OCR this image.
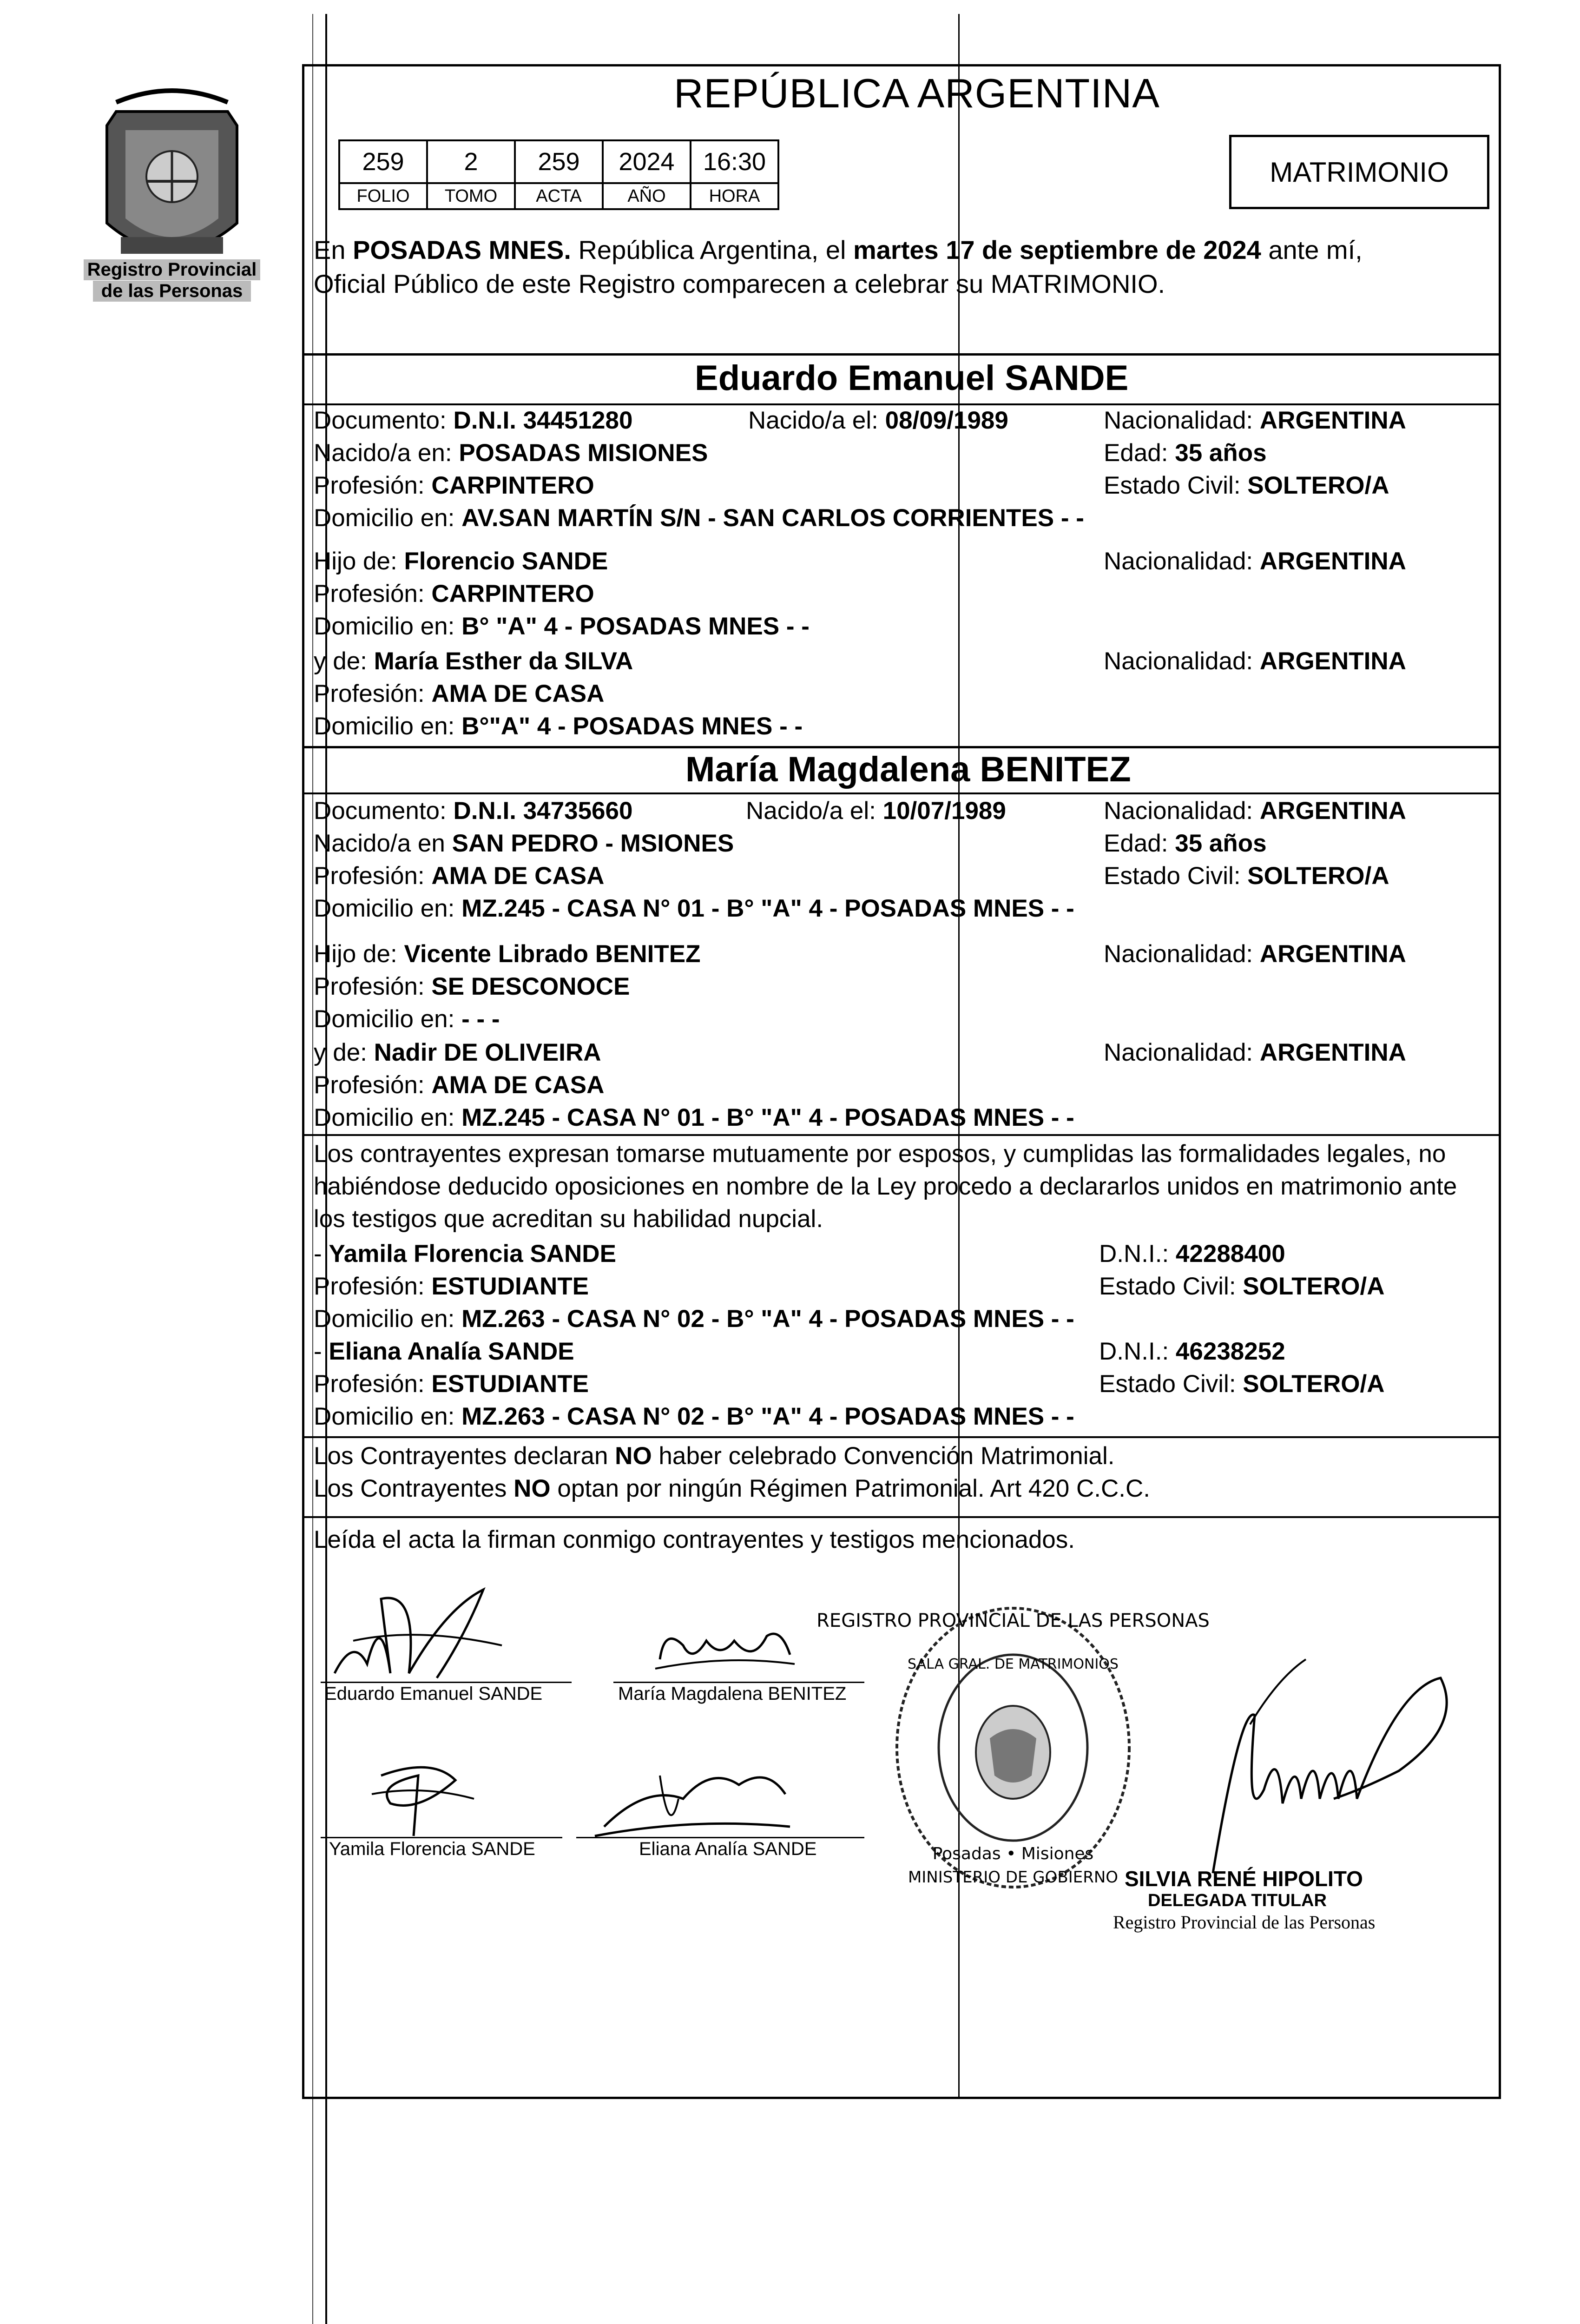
Registro Provincial
de las Personas
REPÚBLICA ARGENTINA
259	2	259	2024	16:30
FOLIO	TOMO	ACTA	AÑO	HORA
MATRIMONIO
En POSADAS MNES. República Argentina, el martes 17 de septiembre de 2024 ante mí,
Oficial Público de este Registro comparecen a celebrar su MATRIMONIO.
Eduardo Emanuel SANDE
Documento: D.N.I. 34451280	Nacido/a el: 08/09/1989	Nacionalidad: ARGENTINA
Nacido/a en: POSADAS MISIONES	Edad: 35 años
Profesión: CARPINTERO	Estado Civil: SOLTERO/A
Domicilio en: AV.SAN MARTÍN S/N - SAN CARLOS CORRIENTES - -
Hijo de: Florencio SANDE	Nacionalidad: ARGENTINA
Profesión: CARPINTERO
Domicilio en: B° "A" 4 - POSADAS MNES - -
y de: María Esther da SILVA	Nacionalidad: ARGENTINA
Profesión: AMA DE CASA
Domicilio en: B°"A" 4 - POSADAS MNES - -
María Magdalena BENITEZ
Documento: D.N.I. 34735660	Nacido/a el: 10/07/1989	Nacionalidad: ARGENTINA
Nacido/a en SAN PEDRO - MSIONES	Edad: 35 años
Profesión: AMA DE CASA	Estado Civil: SOLTERO/A
Domicilio en: MZ.245 - CASA N° 01 - B° "A" 4 - POSADAS MNES - -
Hijo de: Vicente Librado BENITEZ	Nacionalidad: ARGENTINA
Profesión: SE DESCONOCE
Domicilio en: - - -
y de: Nadir DE OLIVEIRA	Nacionalidad: ARGENTINA
Profesión: AMA DE CASA
Domicilio en: MZ.245 - CASA N° 01 - B° "A" 4 - POSADAS MNES - -
Los contrayentes expresan tomarse mutuamente por esposos, y cumplidas las formalidades legales, no
habiéndose deducido oposiciones en nombre de la Ley procedo a declararlos unidos en matrimonio ante
los testigos que acreditan su habilidad nupcial.
- Yamila Florencia SANDE	D.N.I.: 42288400
Profesión: ESTUDIANTE	Estado Civil: SOLTERO/A
Domicilio en: MZ.263 - CASA N° 02 - B° "A" 4 - POSADAS MNES - -
- Eliana Analía SANDE	D.N.I.: 46238252
Profesión: ESTUDIANTE	Estado Civil: SOLTERO/A
Domicilio en: MZ.263 - CASA N° 02 - B° "A" 4 - POSADAS MNES - -
Los Contrayentes declaran NO haber celebrado Convención Matrimonial.
Los Contrayentes NO optan por ningún Régimen Patrimonial. Art 420 C.C.C.
Leída el acta la firman conmigo contrayentes y testigos mencionados.
Eduardo Emanuel SANDE	María Magdalena BENITEZ
Yamila Florencia SANDE	Eliana Analía SANDE
REGISTRO PROVINCIAL DE LAS PERSONAS
SALA GRAL. DE MATRIMONIOS
Posadas • Misiones
MINISTERIO DE GOBIERNO SILVIA RENÉ HIPOLITO
DELEGADA TITULAR
Registro Provincial de las Personas
